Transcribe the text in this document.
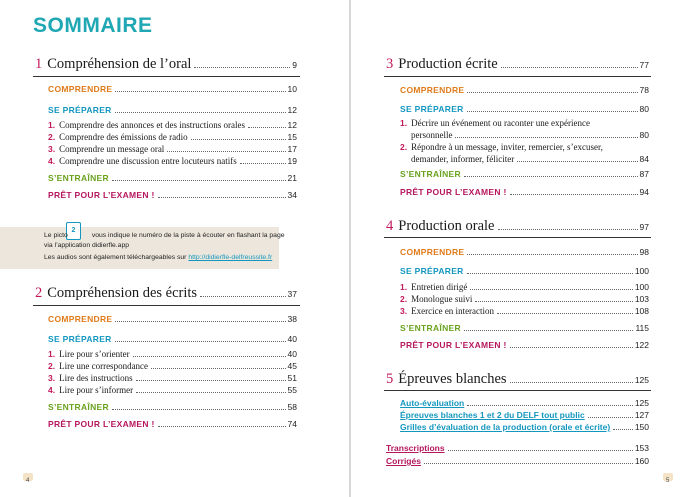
SOMMAIRE
1 Compréhension de l’oral	9
COMPRENDRE	10
SE PRÉPARER	12
1. Comprendre des annonces et des instructions orales	12
2. Comprendre des émissions de radio	15
3. Comprendre un message oral	17
4. Comprendre une discussion entre locuteurs natifs	19
S’ENTRAÎNER	21
PRÊT POUR L’EXAMEN !	34
2
Le picto	vous indique le numéro de la piste à écouter en flashant la page
via l’application didierfle.app
Les audios sont également téléchargeables sur http://didierfle-delfreussite.fr
2 Compréhension des écrits	37
COMPRENDRE	38
SE PRÉPARER	40
1. Lire pour s’orienter	40
2. Lire une correspondance	45
3. Lire des instructions	51
4. Lire pour s’informer	55
S’ENTRAÎNER	58
PRÊT POUR L’EXAMEN !	74
4
3 Production écrite	77
COMPRENDRE	78
SE PRÉPARER	80
1. Décrire un événement ou raconter une expérience
personnelle	80
2. Répondre à un message, inviter, remercier, s’excuser,
demander, informer, féliciter	84
S’ENTRAÎNER	87
PRÊT POUR L’EXAMEN !	94
4 Production orale	97
COMPRENDRE	98
SE PRÉPARER	100
1. Entretien dirigé	100
2. Monologue suivi	103
3. Exercice en interaction	108
S’ENTRAÎNER	115
PRÊT POUR L’EXAMEN !	122
5 Épreuves blanches	125
Auto-évaluation	125
Épreuves blanches 1 et 2 du DELF tout public	127
Grilles d’évaluation de la production (orale et écrite)	150
Transcriptions	153
Corrigés	160
5
